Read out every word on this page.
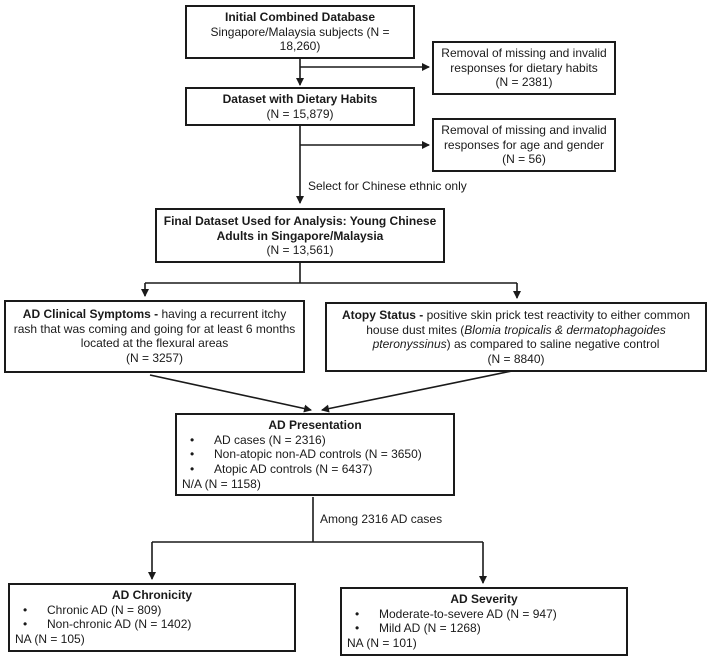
Select for Chinese ethnic only
Among 2316 AD cases
Initial Combined Database
Singapore/Malaysia subjects (N = 18,260)	Removal of missing and invalid responses for dietary habits
(N = 2381)
Dataset with Dietary Habits
(N = 15,879)
Removal of missing and invalid responses for age and gender
(N = 56)
Final Dataset Used for Analysis: Young Chinese Adults in Singapore/Malaysia
(N = 13,561)
AD Clinical Symptoms - having a recurrent itchy rash that was coming and going for at least 6 months located at the flexural areas
(N = 3257)
Atopy Status - positive skin prick test reactivity to either common house dust mites (Blomia tropicalis & dermatophagoides pteronyssinus) as compared to saline negative control
(N = 8840)
AD Presentation
•	AD cases (N = 2316)
•	Non-atopic non-AD controls (N = 3650)
•	Atopic AD controls (N = 6437)
N/A (N = 1158)
AD Chronicity
•	Chronic AD (N = 809)
•	Non-chronic AD (N = 1402)
NA (N = 105)
AD Severity
•	Moderate-to-severe AD (N = 947)
•	Mild AD (N = 1268)
NA (N = 101)
